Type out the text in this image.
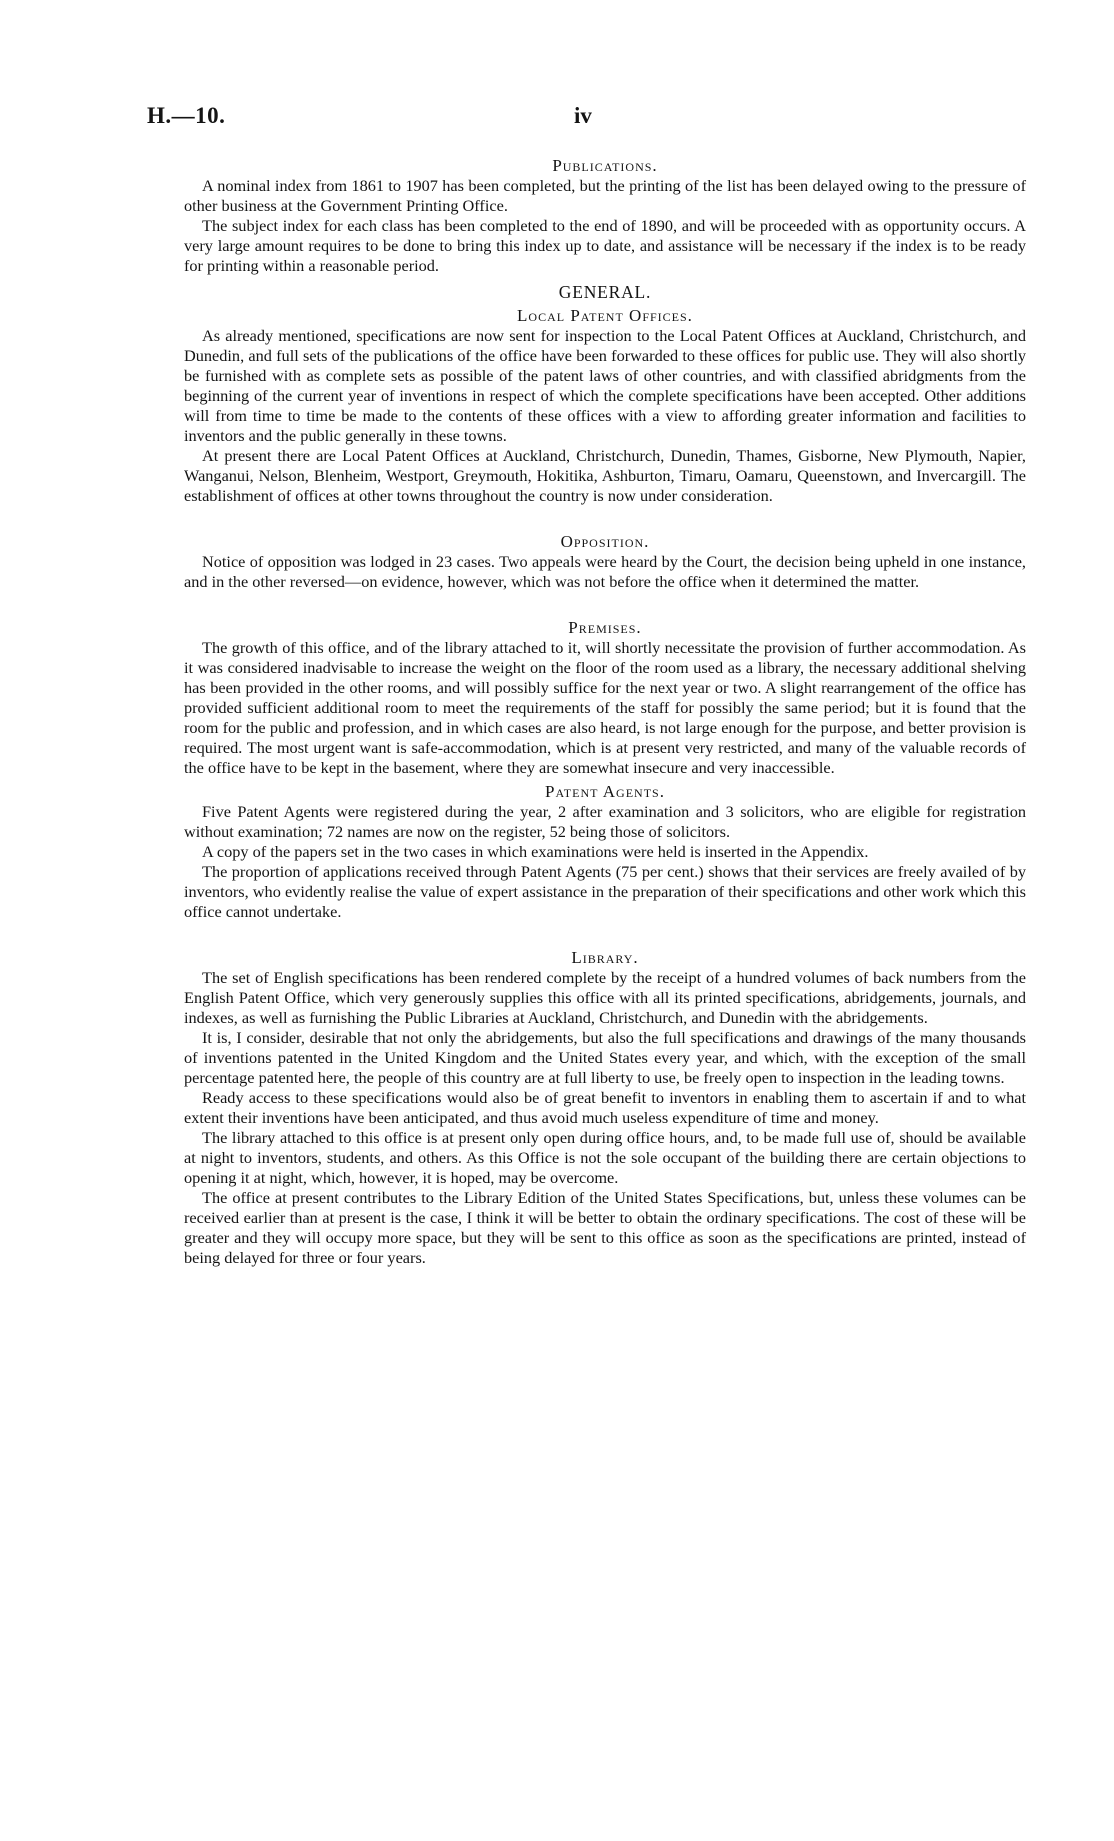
H.—10.	iv
Publications.

A nominal index from 1861 to 1907 has been completed, but the printing of the list has been delayed owing to the pressure of other business at the Government Printing Office.

The subject index for each class has been completed to the end of 1890, and will be proceeded with as opportunity occurs. A very large amount requires to be done to bring this index up to date, and assistance will be necessary if the index is to be ready for printing within a reasonable period.

GENERAL.
Local Patent Offices.

As already mentioned, specifications are now sent for inspection to the Local Patent Offices at Auckland, Christchurch, and Dunedin, and full sets of the publications of the office have been forwarded to these offices for public use. They will also shortly be furnished with as complete sets as possible of the patent laws of other countries, and with classified abridgments from the beginning of the current year of inventions in respect of which the complete specifications have been accepted. Other additions will from time to time be made to the contents of these offices with a view to affording greater information and facilities to inventors and the public generally in these towns.

At present there are Local Patent Offices at Auckland, Christchurch, Dunedin, Thames, Gisborne, New Plymouth, Napier, Wanganui, Nelson, Blenheim, Westport, Greymouth, Hokitika, Ashburton, Timaru, Oamaru, Queenstown, and Invercargill. The establishment of offices at other towns throughout the country is now under consideration.

Opposition.

Notice of opposition was lodged in 23 cases. Two appeals were heard by the Court, the decision being upheld in one instance, and in the other reversed—on evidence, however, which was not before the office when it determined the matter.

Premises.

The growth of this office, and of the library attached to it, will shortly necessitate the provision of further accommodation. As it was considered inadvisable to increase the weight on the floor of the room used as a library, the necessary additional shelving has been provided in the other rooms, and will possibly suffice for the next year or two. A slight rearrangement of the office has provided sufficient additional room to meet the requirements of the staff for possibly the same period; but it is found that the room for the public and profession, and in which cases are also heard, is not large enough for the purpose, and better provision is required. The most urgent want is safe-accommodation, which is at present very restricted, and many of the valuable records of the office have to be kept in the basement, where they are somewhat insecure and very inaccessible.

Patent Agents.

Five Patent Agents were registered during the year, 2 after examination and 3 solicitors, who are eligible for registration without examination; 72 names are now on the register, 52 being those of solicitors.

A copy of the papers set in the two cases in which examinations were held is inserted in the Appendix.

The proportion of applications received through Patent Agents (75 per cent.) shows that their services are freely availed of by inventors, who evidently realise the value of expert assistance in the preparation of their specifications and other work which this office cannot undertake.

Library.

The set of English specifications has been rendered complete by the receipt of a hundred volumes of back numbers from the English Patent Office, which very generously supplies this office with all its printed specifications, abridgements, journals, and indexes, as well as furnishing the Public Libraries at Auckland, Christchurch, and Dunedin with the abridgements.

It is, I consider, desirable that not only the abridgements, but also the full specifications and drawings of the many thousands of inventions patented in the United Kingdom and the United States every year, and which, with the exception of the small percentage patented here, the people of this country are at full liberty to use, be freely open to inspection in the leading towns.

Ready access to these specifications would also be of great benefit to inventors in enabling them to ascertain if and to what extent their inventions have been anticipated, and thus avoid much useless expenditure of time and money.

The library attached to this office is at present only open during office hours, and, to be made full use of, should be available at night to inventors, students, and others. As this Office is not the sole occupant of the building there are certain objections to opening it at night, which, however, it is hoped, may be overcome.

The office at present contributes to the Library Edition of the United States Specifications, but, unless these volumes can be received earlier than at present is the case, I think it will be better to obtain the ordinary specifications. The cost of these will be greater and they will occupy more space, but they will be sent to this office as soon as the specifications are printed, instead of being delayed for three or four years.
